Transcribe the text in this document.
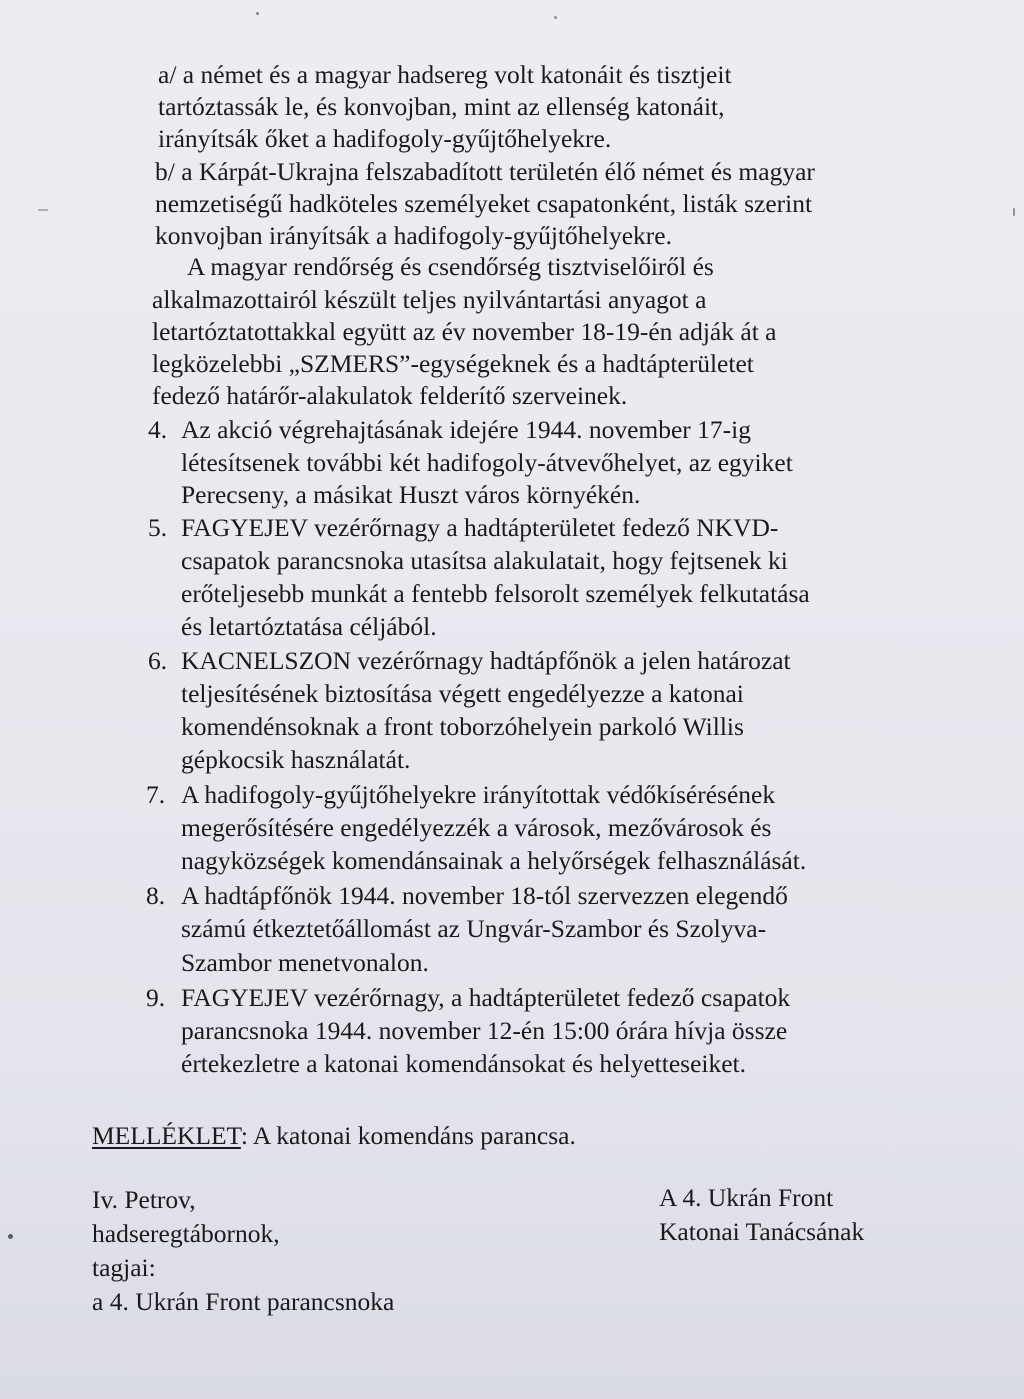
a/ a német és a magyar hadsereg volt katonáit és tisztjeit
tartóztassák le, és konvojban, mint az ellenség katonáit,
irányítsák őket a hadifogoly-gyűjtőhelyekre.
b/ a Kárpát-Ukrajna felszabadított területén élő német és magyar
nemzetiségű hadköteles személyeket csapatonként, listák szerint
konvojban irányítsák a hadifogoly-gyűjtőhelyekre.
A magyar rendőrség és csendőrség tisztviselőiről és
alkalmazottairól készült teljes nyilvántartási anyagot a
letartóztatottakkal együtt az év november 18-19-én adják át a
legközelebbi „SZMERS”-egységeknek és a hadtápterületet
fedező határőr-alakulatok felderítő szerveinek.
4. Az akció végrehajtásának idejére 1944. november 17-ig
létesítsenek további két hadifogoly-átvevőhelyet, az egyiket
Perecseny, a másikat Huszt város környékén.
5. FAGYEJEV vezérőrnagy a hadtápterületet fedező NKVD-
csapatok parancsnoka utasítsa alakulatait, hogy fejtsenek ki
erőteljesebb munkát a fentebb felsorolt személyek felkutatása
és letartóztatása céljából.
6. KACNELSZON vezérőrnagy hadtápfőnök a jelen határozat
teljesítésének biztosítása végett engedélyezze a katonai
komendénsoknak a front toborzóhelyein parkoló Willis
gépkocsik használatát.
7. A hadifogoly-gyűjtőhelyekre irányítottak védőkísérésének
megerősítésére engedélyezzék a városok, mezővárosok és
nagyközségek komendánsainak a helyőrségek felhasználását.
8. A hadtápfőnök 1944. november 18-tól szervezzen elegendő
számú étkeztetőállomást az Ungvár-Szambor és Szolyva-
Szambor menetvonalon.
9. FAGYEJEV vezérőrnagy, a hadtápterületet fedező csapatok
parancsnoka 1944. november 12-én 15:00 órára hívja össze
értekezletre a katonai komendánsokat és helyetteseiket.
MELLÉKLET: A katonai komendáns parancsa.
Iv. Petrov,
hadseregtábornok,
tagjai:
a 4. Ukrán Front parancsnoka
A 4. Ukrán Front
Katonai Tanácsának
